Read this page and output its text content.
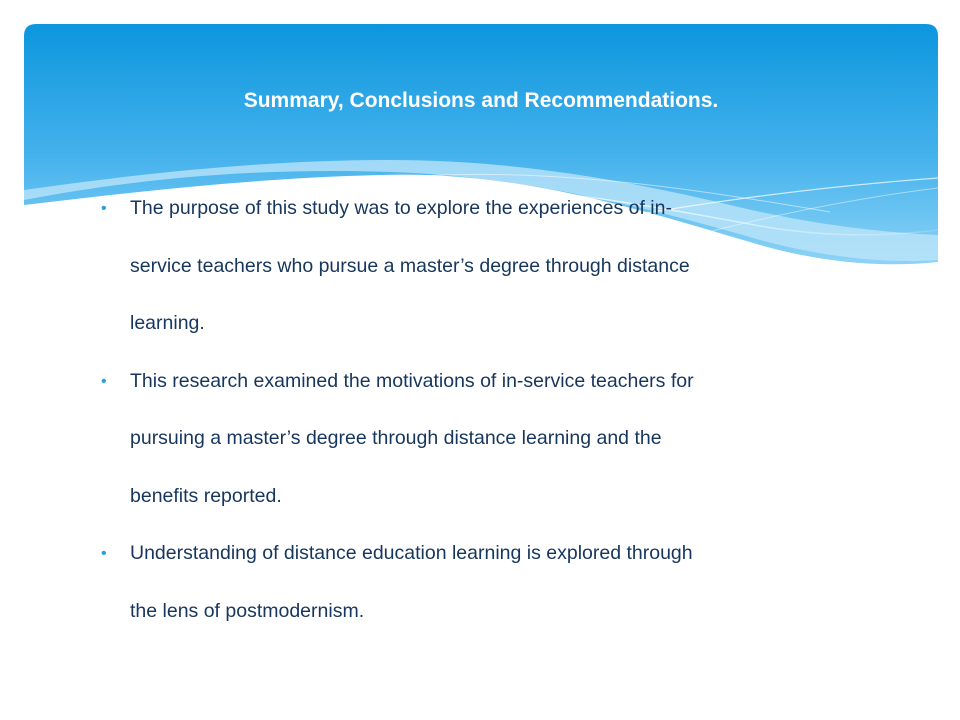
Summary, Conclusions and Recommendations.
• The purpose of this study was to explore the experiences of in-
service teachers who pursue a master’s degree through distance
learning.
• This research examined the motivations of in-service teachers for
pursuing a master’s degree through distance learning and the
benefits reported.
• Understanding of distance education learning is explored through
the lens of postmodernism.
